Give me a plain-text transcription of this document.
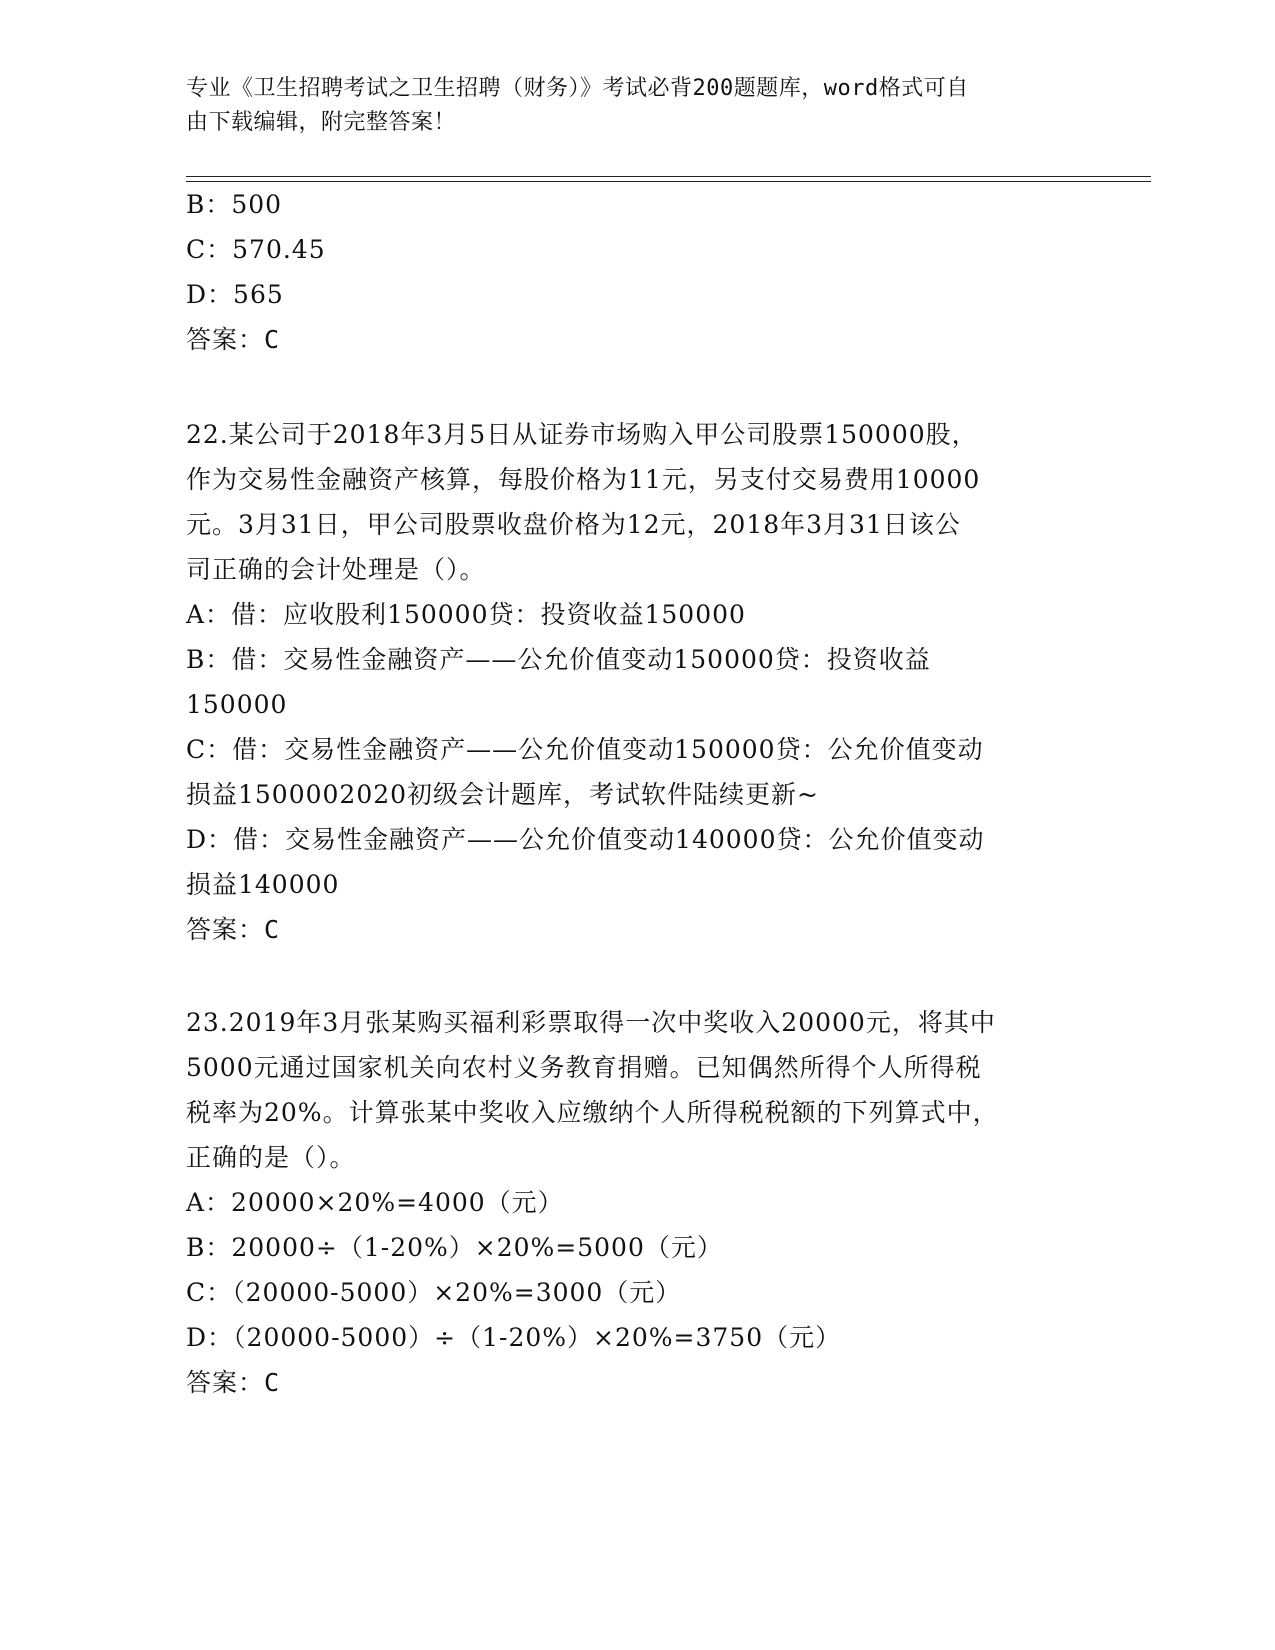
专业《卫生招聘考试之卫生招聘（财务）》考试必背200题题库，word格式可自
由下载编辑，附完整答案！
B：500
C：570.45
D：565
答案：C
22.某公司于2018年3月5日从证券市场购入甲公司股票150000股，
作为交易性金融资产核算，每股价格为11元，另支付交易费用10000
元。3月31日，甲公司股票收盘价格为12元，2018年3月31日该公
司正确的会计处理是（）。
A：借：应收股利150000贷：投资收益150000
B：借：交易性金融资产——公允价值变动150000贷：投资收益
150000
C：借：交易性金融资产——公允价值变动150000贷：公允价值变动
损益1500002020初级会计题库，考试软件陆续更新~
D：借：交易性金融资产——公允价值变动140000贷：公允价值变动
损益140000
答案：C
23.2019年3月张某购买福利彩票取得一次中奖收入20000元，将其中
5000元通过国家机关向农村义务教育捐赠。已知偶然所得个人所得税
税率为20%。计算张某中奖收入应缴纳个人所得税税额的下列算式中，
正确的是（）。
A：20000×20%=4000（元）
B：20000÷（1-20%）×20%=5000（元）
C：（20000-5000）×20%=3000（元）
D：（20000-5000）÷（1-20%）×20%=3750（元）
答案：C
